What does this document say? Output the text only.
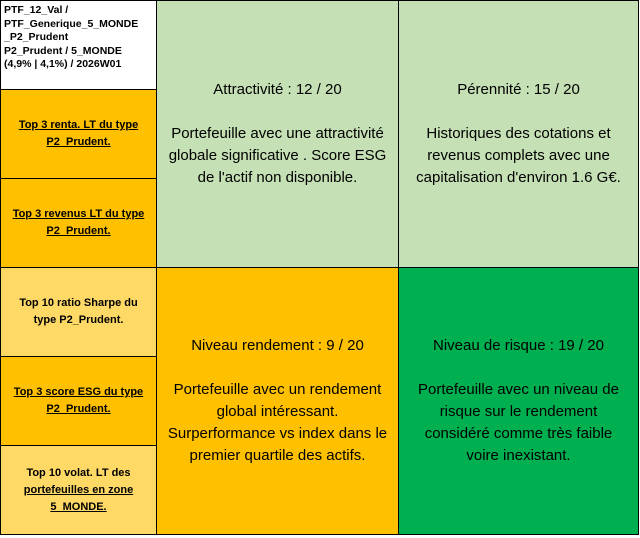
PTF_12_Val /
PTF_Generique_5_MONDE
_P2_Prudent
P2_Prudent / 5_MONDE
(4,9% | 4,1%) / 2026W01
Top 3 renta. LT du type
P2_Prudent.
Top 3 revenus LT du type
P2_Prudent.
Top 10 ratio Sharpe du
type P2_Prudent.
Top 3 score ESG du type
P2_Prudent.
Top 10 volat. LT des
portefeuilles en zone
5_MONDE.
Attractivité : 12 / 20
Portefeuille avec une attractivité
globale significative . Score ESG
de l'actif non disponible.
Pérennité : 15 / 20
Historiques des cotations et
revenus complets avec une
capitalisation d'environ 1.6 G€.
Niveau rendement : 9 / 20
Portefeuille avec un rendement
global intéressant.
Surperformance vs index dans le
premier quartile des actifs.
Niveau de risque : 19 / 20
Portefeuille avec un niveau de
risque sur le rendement
considéré comme très faible
voire inexistant.
